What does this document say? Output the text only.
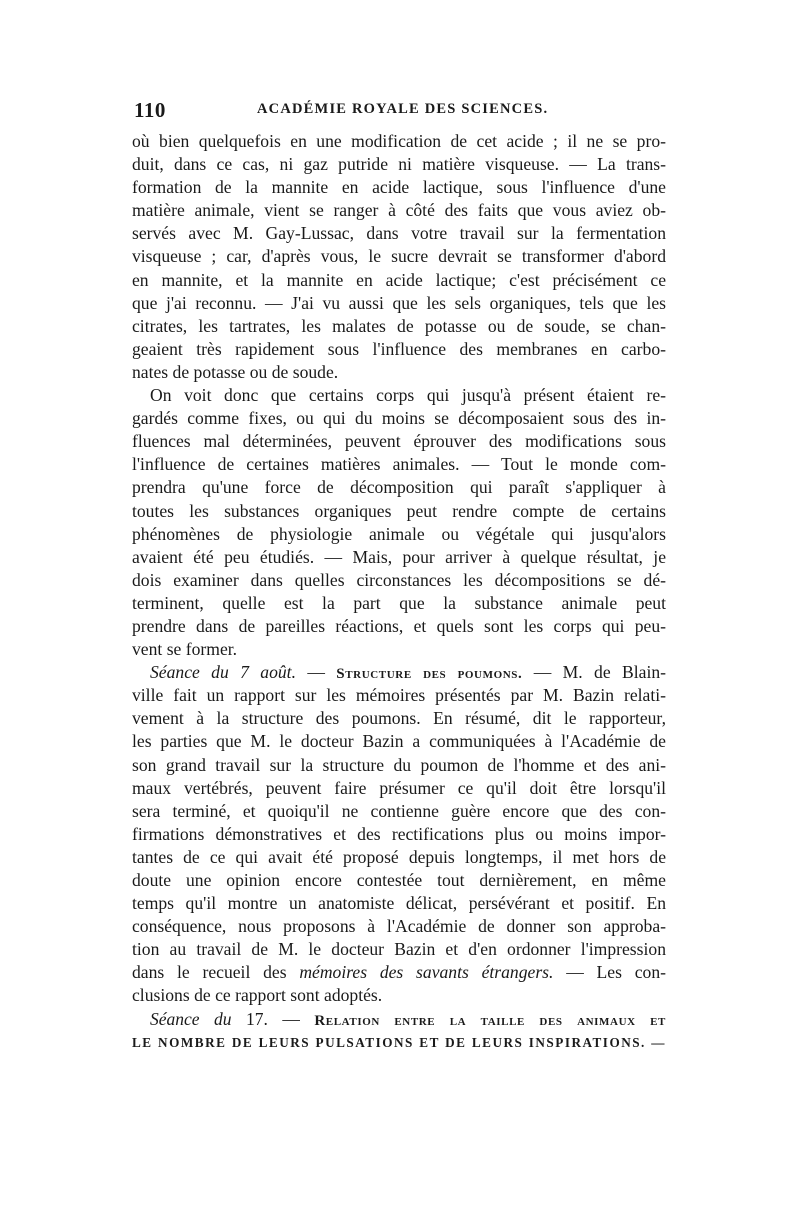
110	ACADÉMIE ROYALE DES SCIENCES.
où bien quelquefois en une modification de cet acide ; il ne se pro-
duit, dans ce cas, ni gaz putride ni matière visqueuse. — La trans-
formation de la mannite en acide lactique, sous l'influence d'une
matière animale, vient se ranger à côté des faits que vous aviez ob-
servés avec M. Gay-Lussac, dans votre travail sur la fermentation
visqueuse ; car, d'après vous, le sucre devrait se transformer d'abord
en mannite, et la mannite en acide lactique; c'est précisément ce
que j'ai reconnu. — J'ai vu aussi que les sels organiques, tels que les
citrates, les tartrates, les malates de potasse ou de soude, se chan-
geaient très rapidement sous l'influence des membranes en carbo-
nates de potasse ou de soude.
On voit donc que certains corps qui jusqu'à présent étaient re-
gardés comme fixes, ou qui du moins se décomposaient sous des in-
fluences mal déterminées, peuvent éprouver des modifications sous
l'influence de certaines matières animales. — Tout le monde com-
prendra qu'une force de décomposition qui paraît s'appliquer à
toutes les substances organiques peut rendre compte de certains
phénomènes de physiologie animale ou végétale qui jusqu'alors
avaient été peu étudiés. — Mais, pour arriver à quelque résultat, je
dois examiner dans quelles circonstances les décompositions se dé-
terminent, quelle est la part que la substance animale peut
prendre dans de pareilles réactions, et quels sont les corps qui peu-
vent se former.
Séance du 7 août. — Structure des poumons. — M. de Blain-
ville fait un rapport sur les mémoires présentés par M. Bazin relati-
vement à la structure des poumons. En résumé, dit le rapporteur,
les parties que M. le docteur Bazin a communiquées à l'Académie de
son grand travail sur la structure du poumon de l'homme et des ani-
maux vertébrés, peuvent faire présumer ce qu'il doit être lorsqu'il
sera terminé, et quoiqu'il ne contienne guère encore que des con-
firmations démonstratives et des rectifications plus ou moins impor-
tantes de ce qui avait été proposé depuis longtemps, il met hors de
doute une opinion encore contestée tout dernièrement, en même
temps qu'il montre un anatomiste délicat, persévérant et positif. En
conséquence, nous proposons à l'Académie de donner son approba-
tion au travail de M. le docteur Bazin et d'en ordonner l'impression
dans le recueil des mémoires des savants étrangers. — Les con-
clusions de ce rapport sont adoptés.
Séance du 17. — Relation entre la taille des animaux et
LE NOMBRE DE LEURS PULSATIONS ET DE LEURS INSPIRATIONS. —
